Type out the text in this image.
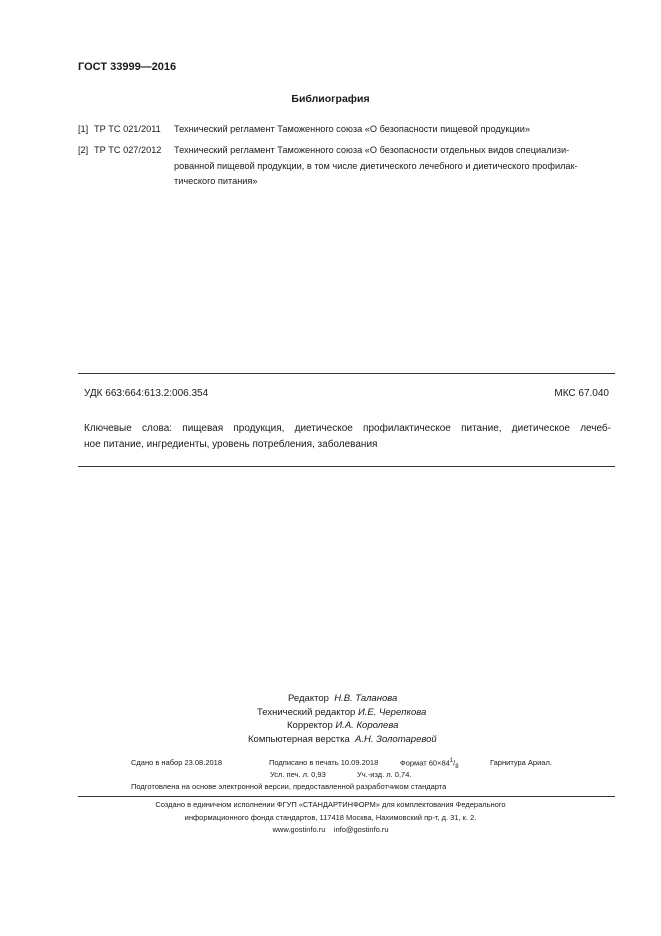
ГОСТ 33999—2016
Библиография
[1] ТР ТС 021/2011 Технический регламент Таможенного союза «О безопасности пищевой продукции»
[2] ТР ТС 027/2012 Технический регламент Таможенного союза «О безопасности отдельных видов специализи-
рованной пищевой продукции, в том числе диетического лечебного и диетического профилак-
тического питания»
УДК 663:664:613.2:006.354	МКС 67.040
Ключевые слова: пищевая продукция, диетическое профилактическое питание, диетическое лечеб-
ное питание, ингредиенты, уровень потребления, заболевания
Редактор Н.В. Таланова
Технический редактор И.Е. Черепкова
Корректор И.А. Королева
Компьютерная верстка А.Н. Золотаревой
Сдано в набор 23.08.2018	Подписано в печать 10.09.2018	Формат $60\times 84^1/_8$	Гарнитура Ариал.
Усл. печ. л. 0,93	Уч.-изд. л. 0,74.
Подготовлена на основе электронной версии, предоставленной разработчиком стандарта
Создано в единичном исполнении ФГУП «СТАНДАРТИНФОРМ» для комплектования Федерального
информационного фонда стандартов, 117418 Москва, Нахимовский пр-т, д. 31, к. 2.
www.gostinfo.ru info@gostinfo.ru
